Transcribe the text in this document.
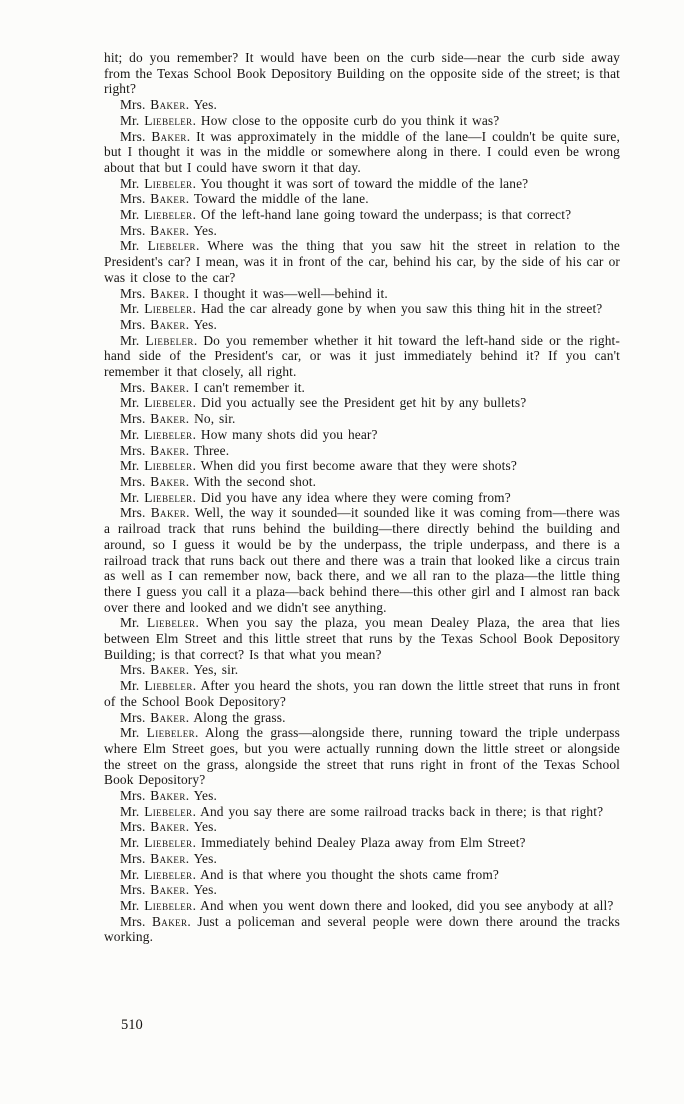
hit; do you remember? It would have been on the curb side—near the curb side away from the Texas School Book Depository Building on the opposite side of the street; is that right?

Mrs. Baker. Yes.

Mr. Liebeler. How close to the opposite curb do you think it was?

Mrs. Baker. It was approximately in the middle of the lane—I couldn't be quite sure, but I thought it was in the middle or somewhere along in there. I could even be wrong about that but I could have sworn it that day.

Mr. Liebeler. You thought it was sort of toward the middle of the lane?

Mrs. Baker. Toward the middle of the lane.

Mr. Liebeler. Of the left-hand lane going toward the underpass; is that correct?

Mrs. Baker. Yes.

Mr. Liebeler. Where was the thing that you saw hit the street in relation to the President's car? I mean, was it in front of the car, behind his car, by the side of his car or was it close to the car?

Mrs. Baker. I thought it was—well—behind it.

Mr. Liebeler. Had the car already gone by when you saw this thing hit in the street?

Mrs. Baker. Yes.

Mr. Liebeler. Do you remember whether it hit toward the left-hand side or the right-hand side of the President's car, or was it just immediately behind it? If you can't remember it that closely, all right.

Mrs. Baker. I can't remember it.

Mr. Liebeler. Did you actually see the President get hit by any bullets?

Mrs. Baker. No, sir.

Mr. Liebeler. How many shots did you hear?

Mrs. Baker. Three.

Mr. Liebeler. When did you first become aware that they were shots?

Mrs. Baker. With the second shot.

Mr. Liebeler. Did you have any idea where they were coming from?

Mrs. Baker. Well, the way it sounded—it sounded like it was coming from—there was a railroad track that runs behind the building—there directly behind the building and around, so I guess it would be by the underpass, the triple underpass, and there is a railroad track that runs back out there and there was a train that looked like a circus train as well as I can remember now, back there, and we all ran to the plaza—the little thing there I guess you call it a plaza—back behind there—this other girl and I almost ran back over there and looked and we didn't see anything.

Mr. Liebeler. When you say the plaza, you mean Dealey Plaza, the area that lies between Elm Street and this little street that runs by the Texas School Book Depository Building; is that correct? Is that what you mean?

Mrs. Baker. Yes, sir.

Mr. Liebeler. After you heard the shots, you ran down the little street that runs in front of the School Book Depository?

Mrs. Baker. Along the grass.

Mr. Liebeler. Along the grass—alongside there, running toward the triple underpass where Elm Street goes, but you were actually running down the little street or alongside the street on the grass, alongside the street that runs right in front of the Texas School Book Depository?

Mrs. Baker. Yes.

Mr. Liebeler. And you say there are some railroad tracks back in there; is that right?

Mrs. Baker. Yes.

Mr. Liebeler. Immediately behind Dealey Plaza away from Elm Street?

Mrs. Baker. Yes.

Mr. Liebeler. And is that where you thought the shots came from?

Mrs. Baker. Yes.

Mr. Liebeler. And when you went down there and looked, did you see anybody at all?

Mrs. Baker. Just a policeman and several people were down there around the tracks working.

510
